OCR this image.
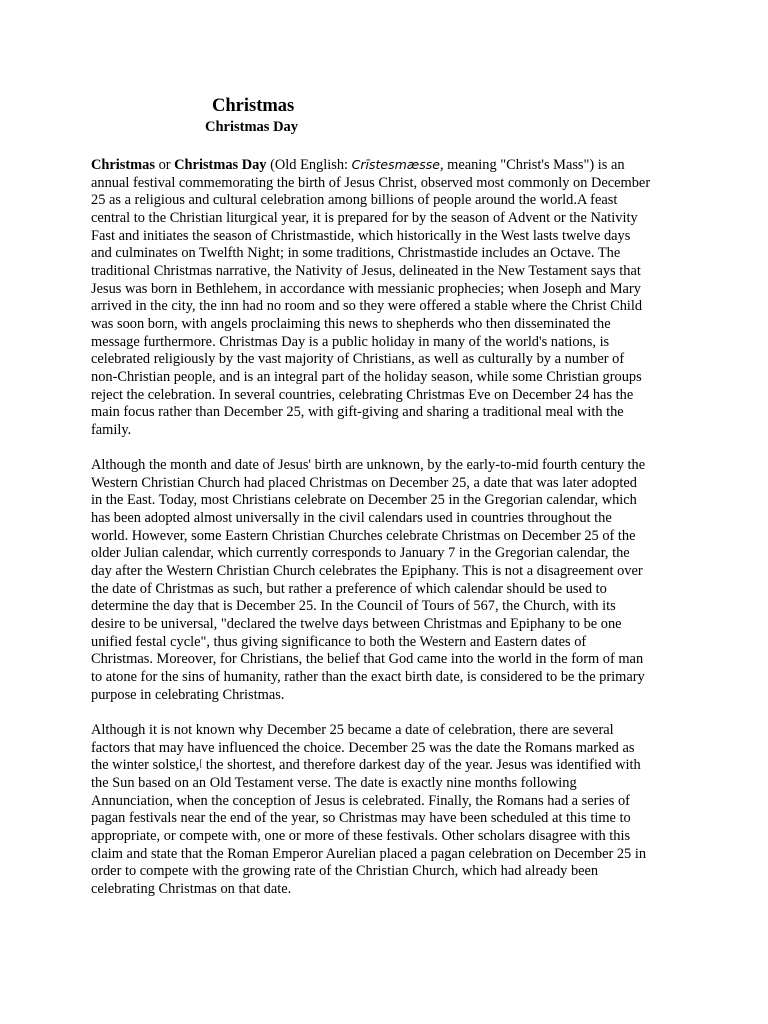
Christmas
Christmas Day

Christmas or Christmas Day (Old English: Crīstesmæsse, meaning "Christ's Mass") is an
annual festival commemorating the birth of Jesus Christ, observed most commonly on December
25 as a religious and cultural celebration among billions of people around the world.A feast
central to the Christian liturgical year, it is prepared for by the season of Advent or the Nativity
Fast and initiates the season of Christmastide, which historically in the West lasts twelve days
and culminates on Twelfth Night; in some traditions, Christmastide includes an Octave. The
traditional Christmas narrative, the Nativity of Jesus, delineated in the New Testament says that
Jesus was born in Bethlehem, in accordance with messianic prophecies; when Joseph and Mary
arrived in the city, the inn had no room and so they were offered a stable where the Christ Child
was soon born, with angels proclaiming this news to shepherds who then disseminated the
message furthermore. Christmas Day is a public holiday in many of the world's nations, is
celebrated religiously by the vast majority of Christians, as well as culturally by a number of
non-Christian people, and is an integral part of the holiday season, while some Christian groups
reject the celebration. In several countries, celebrating Christmas Eve on December 24 has the
main focus rather than December 25, with gift-giving and sharing a traditional meal with the
family.

Although the month and date of Jesus' birth are unknown, by the early-to-mid fourth century the
Western Christian Church had placed Christmas on December 25, a date that was later adopted
in the East. Today, most Christians celebrate on December 25 in the Gregorian calendar, which
has been adopted almost universally in the civil calendars used in countries throughout the
world. However, some Eastern Christian Churches celebrate Christmas on December 25 of the
older Julian calendar, which currently corresponds to January 7 in the Gregorian calendar, the
day after the Western Christian Church celebrates the Epiphany. This is not a disagreement over
the date of Christmas as such, but rather a preference of which calendar should be used to
determine the day that is December 25. In the Council of Tours of 567, the Church, with its
desire to be universal, "declared the twelve days between Christmas and Epiphany to be one
unified festal cycle", thus giving significance to both the Western and Eastern dates of
Christmas. Moreover, for Christians, the belief that God came into the world in the form of man
to atone for the sins of humanity, rather than the exact birth date, is considered to be the primary
purpose in celebrating Christmas.

Although it is not known why December 25 became a date of celebration, there are several
factors that may have influenced the choice. December 25 was the date the Romans marked as
the winter solstice,[ the shortest, and therefore darkest day of the year. Jesus was identified with
the Sun based on an Old Testament verse. The date is exactly nine months following
Annunciation, when the conception of Jesus is celebrated. Finally, the Romans had a series of
pagan festivals near the end of the year, so Christmas may have been scheduled at this time to
appropriate, or compete with, one or more of these festivals. Other scholars disagree with this
claim and state that the Roman Emperor Aurelian placed a pagan celebration on December 25 in
order to compete with the growing rate of the Christian Church, which had already been
celebrating Christmas on that date.
